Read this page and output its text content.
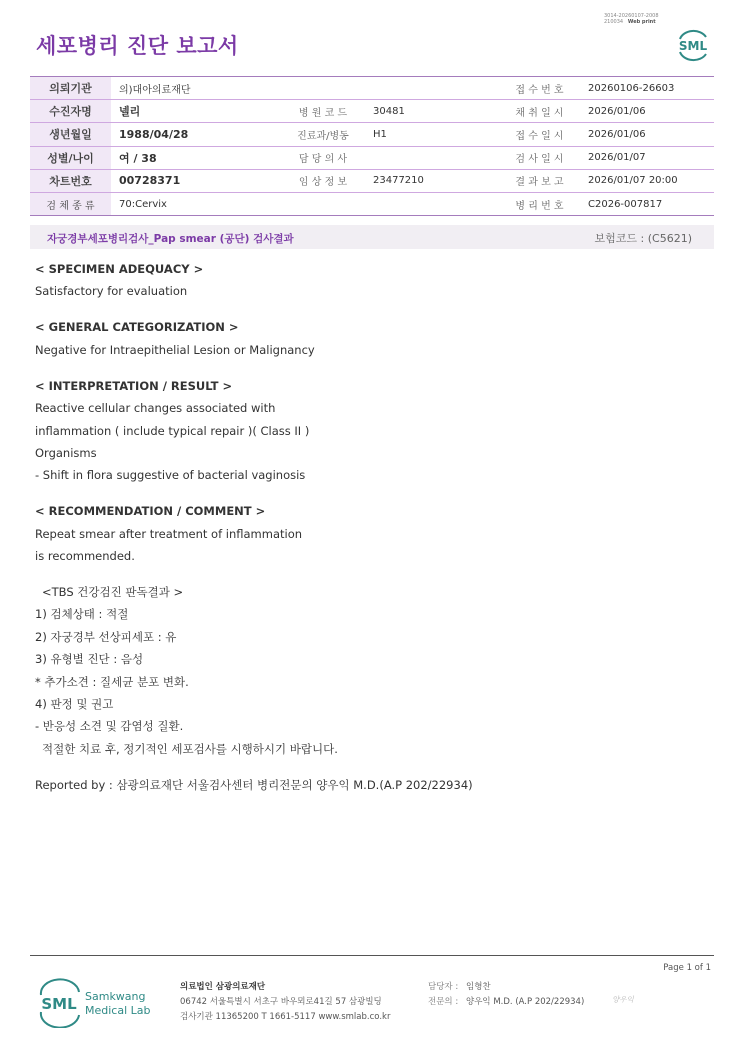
3014-20260107-2008
210034 Web print
세포병리 진단 보고서	SML
의뢰기관	의)대아의료재단			접 수 번 호	20260106-26603
수진자명	넬리	병 원 코 드	30481	채 취 일 시	2026/01/06
생년월일	1988/04/28	진료과/병동	H1	접 수 일 시	2026/01/06
성별/나이	여 / 38	담 당 의 사		검 사 일 시	2026/01/07
차트번호	00728371	임 상 정 보	23477210	결 과 보 고	2026/01/07 20:00
검 체 종 류	70:Cervix			병 리 번 호	C2026-007817
자궁경부세포병리검사_Pap smear (공단) 검사결과	보험코드 : (C5621)
< SPECIMEN ADEQUACY >
Satisfactory for evaluation
< GENERAL CATEGORIZATION >
Negative for Intraepithelial Lesion or Malignancy
< INTERPRETATION / RESULT >
Reactive cellular changes associated with
inflammation ( include typical repair )( Class II )
Organisms
- Shift in flora suggestive of bacterial vaginosis
< RECOMMENDATION / COMMENT >
Repeat smear after treatment of inflammation
is recommended.
<TBS 건강검진 판독결과 >
1) 검체상태 : 적절
2) 자궁경부 선상피세포 : 유
3) 유형별 진단 : 음성
* 추가소견 : 질세균 분포 변화.
4) 판정 및 권고
- 반응성 소견 및 감염성 질환.
적절한 치료 후, 정기적인 세포검사를 시행하시기 바랍니다.
Reported by : 삼광의료재단 서울검사센터 병리전문의 양우익 M.D.(A.P 202/22934)
Page 1 of 1
SML Samkwang
Medical Lab
의료법인 삼광의료재단
06742 서울특별시 서초구 바우뫼로41길 57 삼광빌딩
검사기관 11365200 T 1661-5117 www.smlab.co.kr
담당자 : 임형찬
전문의 : 양우익 M.D. (A.P 202/22934)	양우익
